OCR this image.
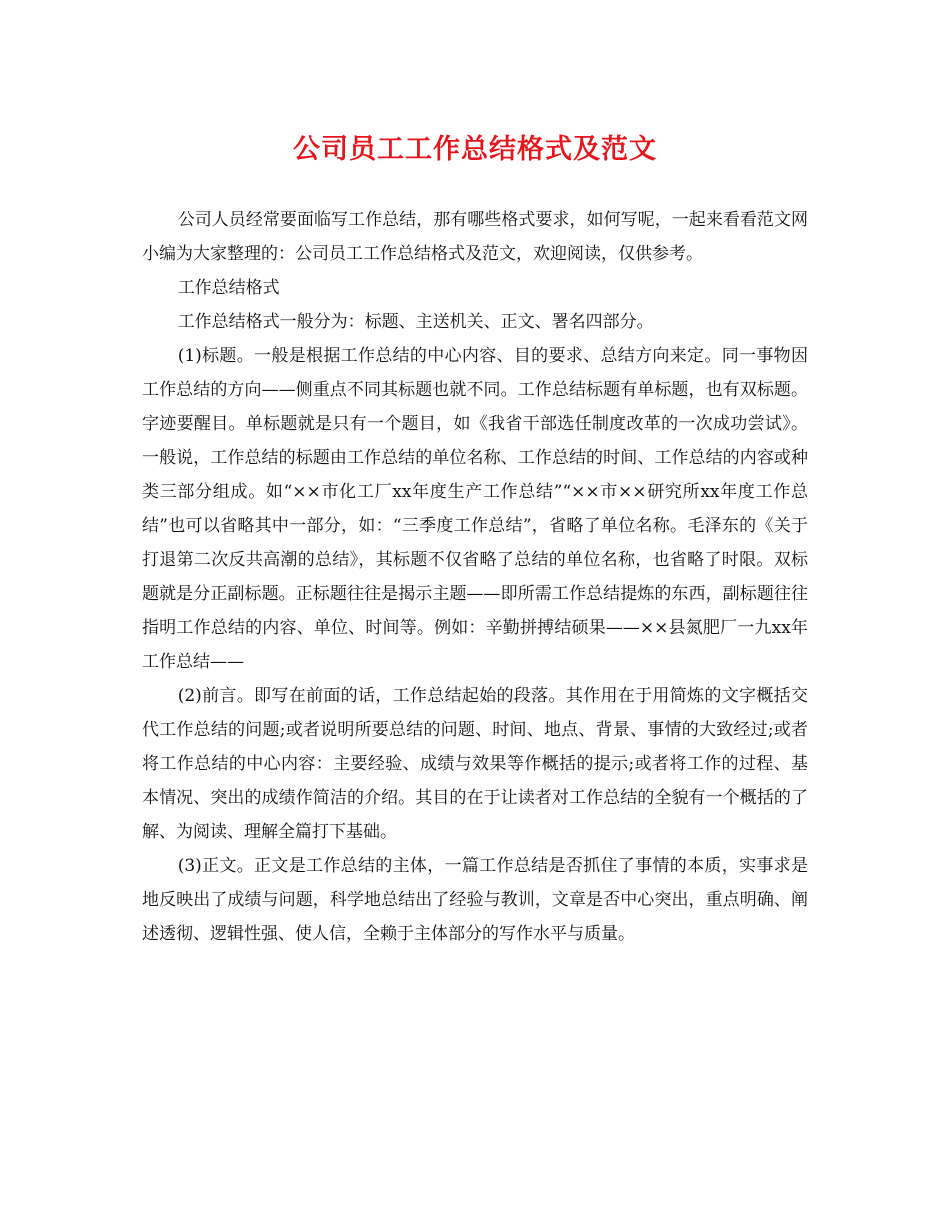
公司员工工作总结格式及范文

公司人员经常要面临写工作总结，那有哪些格式要求，如何写呢，一起来看看范文网小编为大家整理的：公司员工工作总结格式及范文，欢迎阅读，仅供参考。

工作总结格式

工作总结格式一般分为：标题、主送机关、正文、署名四部分。

(1)标题。一般是根据工作总结的中心内容、目的要求、总结方向来定。同一事物因工作总结的方向——侧重点不同其标题也就不同。工作总结标题有单标题，也有双标题。字迹要醒目。单标题就是只有一个题目，如《我省干部选任制度改革的一次成功尝试》。一般说，工作总结的标题由工作总结的单位名称、工作总结的时间、工作总结的内容或种类三部分组成。如“××市化工厂xx年度生产工作总结”“××市××研究所xx年度工作总结”也可以省略其中一部分，如：“三季度工作总结”，省略了单位名称。毛泽东的《关于打退第二次反共高潮的总结》，其标题不仅省略了总结的单位名称，也省略了时限。双标题就是分正副标题。正标题往往是揭示主题——即所需工作总结提炼的东西，副标题往往指明工作总结的内容、单位、时间等。例如：辛勤拼搏结硕果——××县氮肥厂一九xx年工作总结——

(2)前言。即写在前面的话，工作总结起始的段落。其作用在于用简炼的文字概括交代工作总结的问题;或者说明所要总结的问题、时间、地点、背景、事情的大致经过;或者将工作总结的中心内容：主要经验、成绩与效果等作概括的提示;或者将工作的过程、基本情况、突出的成绩作简洁的介绍。其目的在于让读者对工作总结的全貌有一个概括的了解、为阅读、理解全篇打下基础。

(3)正文。正文是工作总结的主体，一篇工作总结是否抓住了事情的本质，实事求是地反映出了成绩与问题，科学地总结出了经验与教训，文章是否中心突出，重点明确、阐述透彻、逻辑性强、使人信，全赖于主体部分的写作水平与质量。
